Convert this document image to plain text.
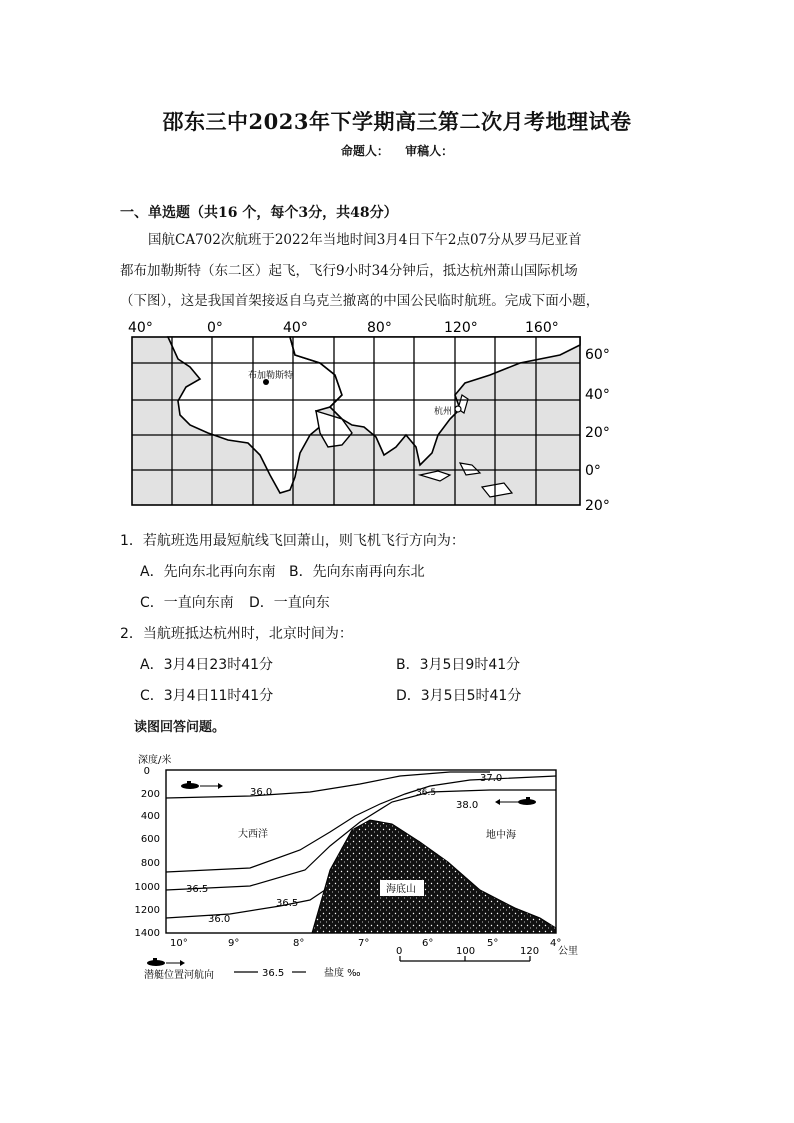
邵东三中2023年下学期高三第二次月考地理试卷
命题人： 审稿人：
一、单选题（共16 个，每个3分，共48分）
国航CA702次航班于2022年当地时间3月4日下午2点07分从罗马尼亚首
都布加勒斯特（东二区）起飞，飞行9小时34分钟后，抵达杭州萧山国际机场
（下图），这是我国首架接返自乌克兰撤离的中国公民临时航班。完成下面小题，
40°	0°	40°	80°	120°	160°
布加勒斯特
杭州
60°
40°
20°
0°
20°
1．若航班选用最短航线飞回萧山，则飞机飞行方向为：
A．先向东北再向东南 B．先向东南再向东北
C．一直向东南 D．一直向东
2．当航班抵达杭州时，北京时间为：
A．3月4日23时41分	B．3月5日9时41分
C．3月4日11时41分	D．3月5日5时41分
读图回答问题。
深度/米
0
200
400
600
800
1000
1200
1400
海底山
36.0	36.5
37.0
38.0
36.5
36.5
36.0
大西洋	地中海
10°	9°	8°	7°	6°	5°	4°
潜艇位置河航向	36.5	盐度 ‰
0	100	120 公里
